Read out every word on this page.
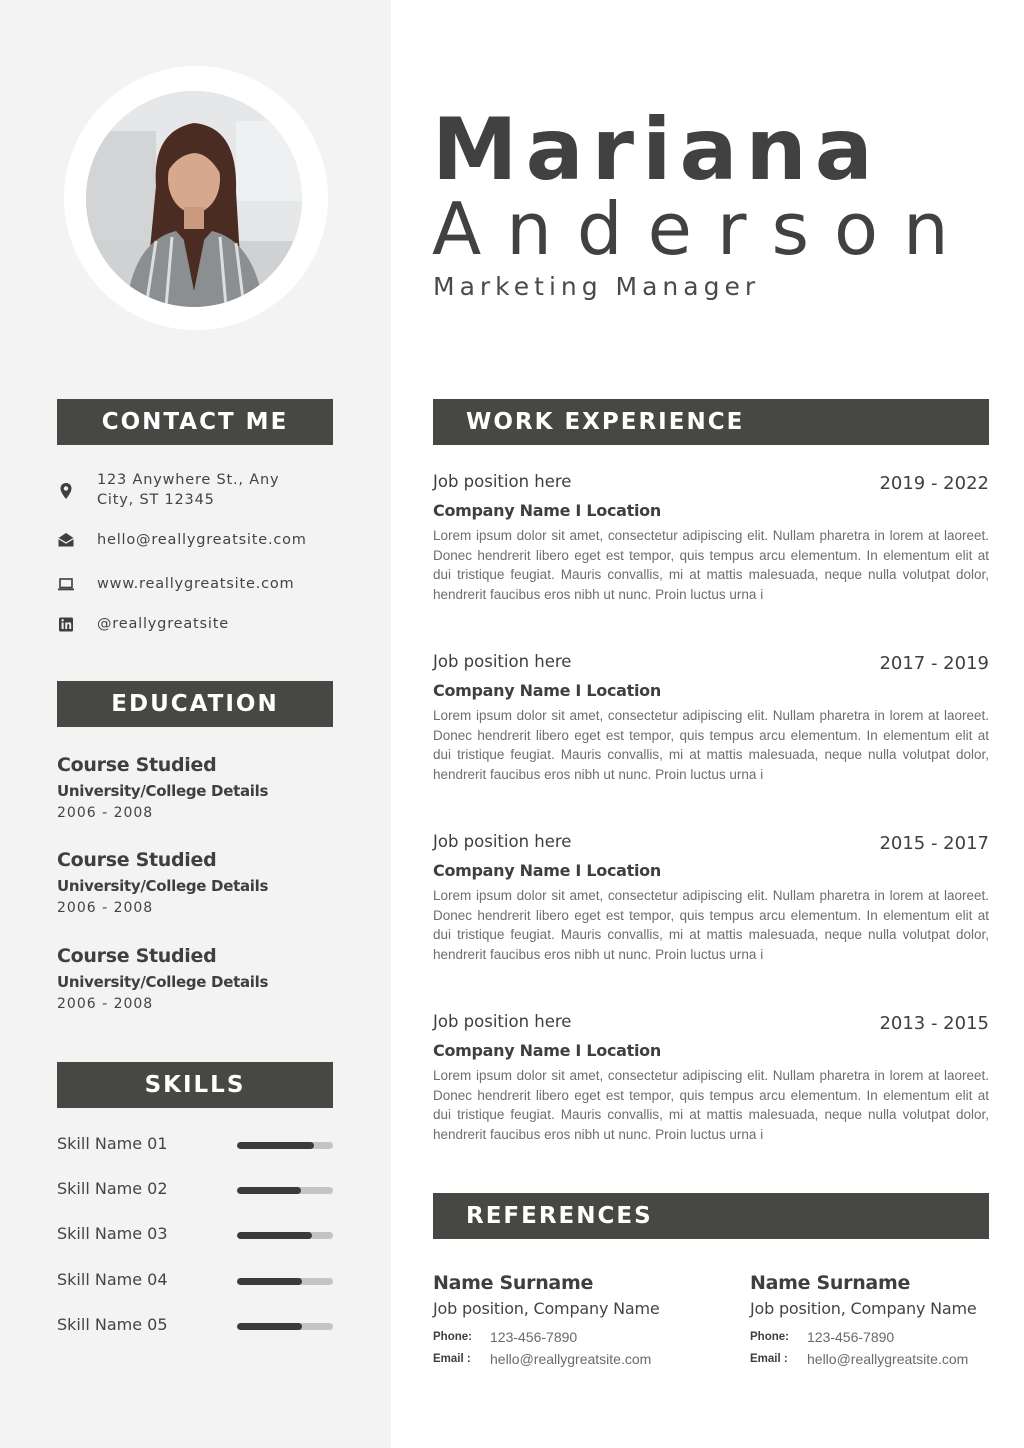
CONTACT ME
123 Anywhere St., Any City, ST 12345
hello@reallygreatsite.com
www.reallygreatsite.com
@reallygreatsite
EDUCATION
Course Studied
University/College Details
2006 - 2008
Course Studied
University/College Details
2006 - 2008
Course Studied
University/College Details
2006 - 2008
SKILLS
Skill Name 01
Skill Name 02
Skill Name 03
Skill Name 04
Skill Name 05
Mariana
Anderson
Marketing Manager
WORK EXPERIENCE
Job position here	2019 - 2022
Company Name I Location
Lorem ipsum dolor sit amet, consectetur adipiscing elit. Nullam pharetra in lorem at laoreet. Donec hendrerit libero eget est tempor, quis tempus arcu elementum. In elementum elit at dui tristique feugiat. Mauris convallis, mi at mattis malesuada, neque nulla volutpat dolor, hendrerit faucibus eros nibh ut nunc. Proin luctus urna i
Job position here	2017 - 2019
Company Name I Location
Lorem ipsum dolor sit amet, consectetur adipiscing elit. Nullam pharetra in lorem at laoreet. Donec hendrerit libero eget est tempor, quis tempus arcu elementum. In elementum elit at dui tristique feugiat. Mauris convallis, mi at mattis malesuada, neque nulla volutpat dolor, hendrerit faucibus eros nibh ut nunc. Proin luctus urna i
Job position here	2015 - 2017
Company Name I Location
Lorem ipsum dolor sit amet, consectetur adipiscing elit. Nullam pharetra in lorem at laoreet. Donec hendrerit libero eget est tempor, quis tempus arcu elementum. In elementum elit at dui tristique feugiat. Mauris convallis, mi at mattis malesuada, neque nulla volutpat dolor, hendrerit faucibus eros nibh ut nunc. Proin luctus urna i
Job position here	2013 - 2015
Company Name I Location
Lorem ipsum dolor sit amet, consectetur adipiscing elit. Nullam pharetra in lorem at laoreet. Donec hendrerit libero eget est tempor, quis tempus arcu elementum. In elementum elit at dui tristique feugiat. Mauris convallis, mi at mattis malesuada, neque nulla volutpat dolor, hendrerit faucibus eros nibh ut nunc. Proin luctus urna i
REFERENCES
Name Surname
Job position, Company Name
Phone:	123-456-7890
Email :	hello@reallygreatsite.com
Name Surname
Job position, Company Name
Phone:	123-456-7890
Email :	hello@reallygreatsite.com
